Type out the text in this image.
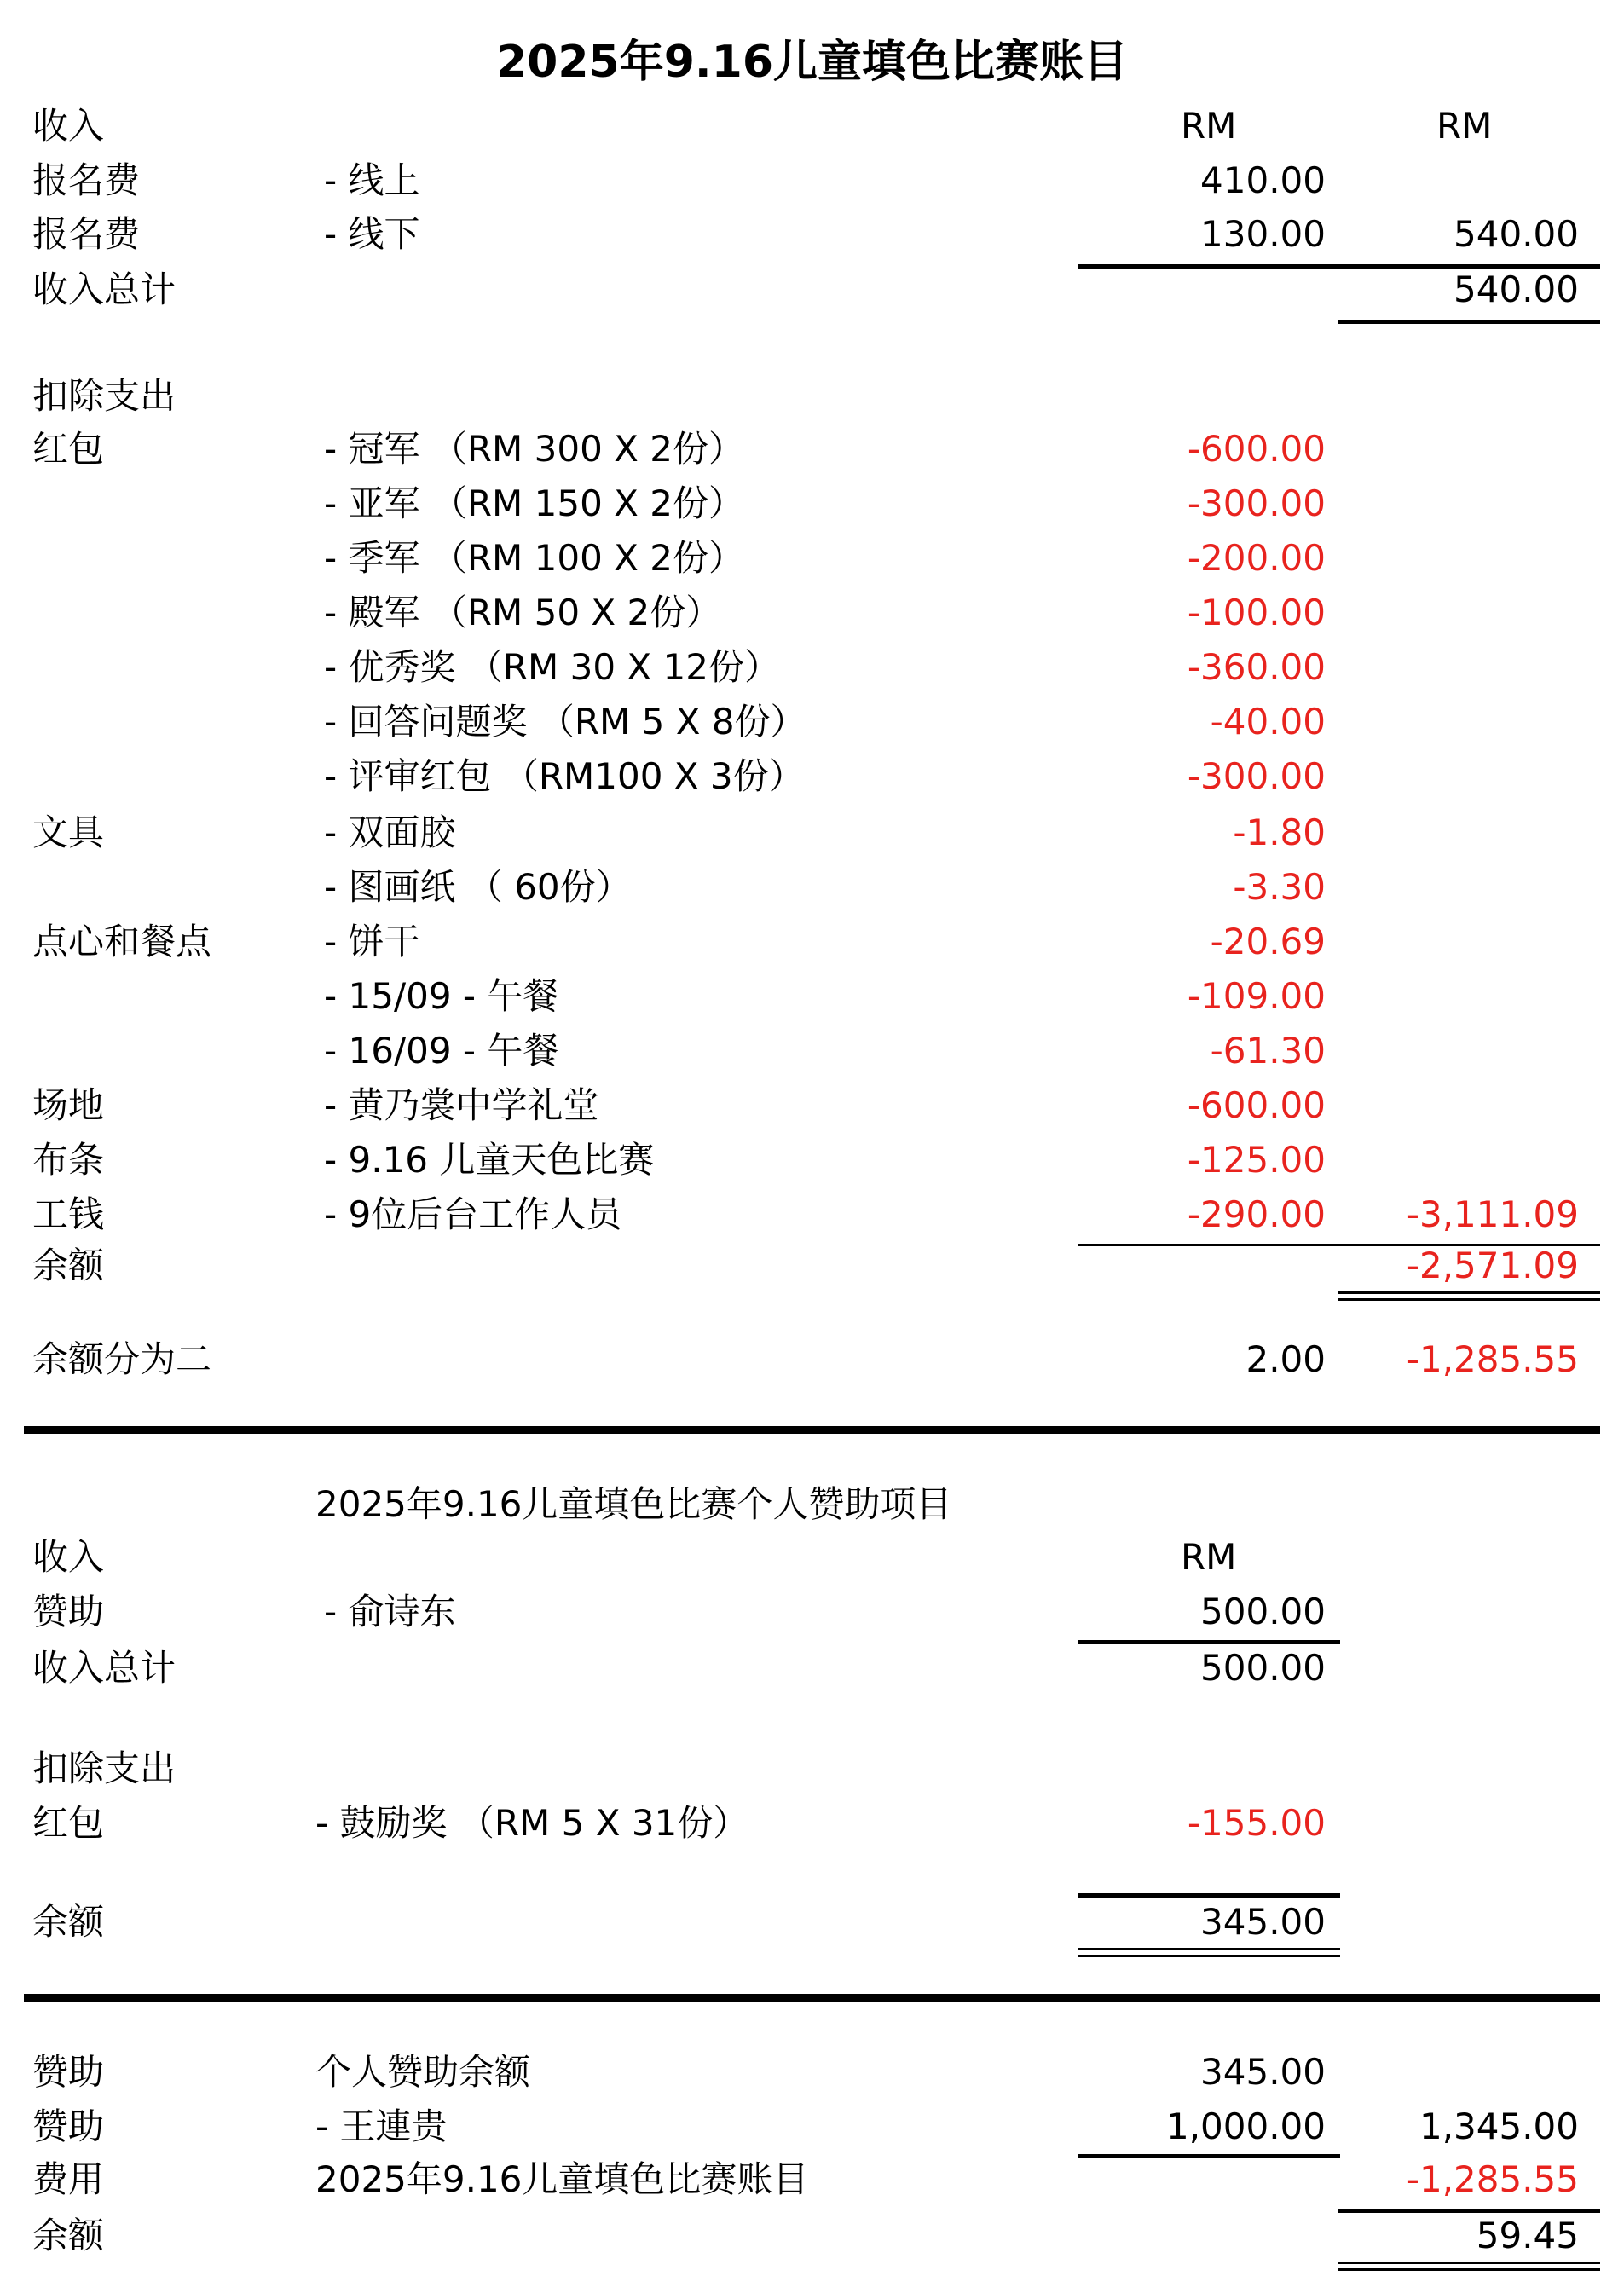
2025年9.16儿童填色比赛账目
收入	RM	RM
报名费	- 线上	410.00
报名费	- 线下	130.00	540.00
收入总计	540.00
扣除支出
红包	- 冠军 （RM 300 X 2份）	-600.00
- 亚军 （RM 150 X 2份）	-300.00
- 季军 （RM 100 X 2份）	-200.00
- 殿军 （RM 50 X 2份）	-100.00
- 优秀奖 （RM 30 X 12份）	-360.00
- 回答问题奖 （RM 5 X 8份）	-40.00
- 评审红包 （RM100 X 3份）	-300.00
文具	- 双面胶	-1.80
- 图画纸 （ 60份）	-3.30
点心和餐点	- 饼干	-20.69
- 15/09 - 午餐	-109.00
- 16/09 - 午餐	-61.30
场地	- 黄乃裳中学礼堂	-600.00
布条	- 9.16 儿童天色比赛	-125.00
工钱	- 9位后台工作人员	-290.00 -3,111.09
余额	-2,571.09
余额分为二	2.00 -1,285.55
2025年9.16儿童填色比赛个人赞助项目
收入	RM
赞助	- 俞诗东	500.00
收入总计	500.00
扣除支出
红包	- 鼓励奖 （RM 5 X 31份）	-155.00
余额	345.00
赞助	个人赞助余额	345.00
赞助	- 王連贵	1,000.00	1,345.00
费用	2025年9.16儿童填色比赛账目	-1,285.55
余额	59.45
